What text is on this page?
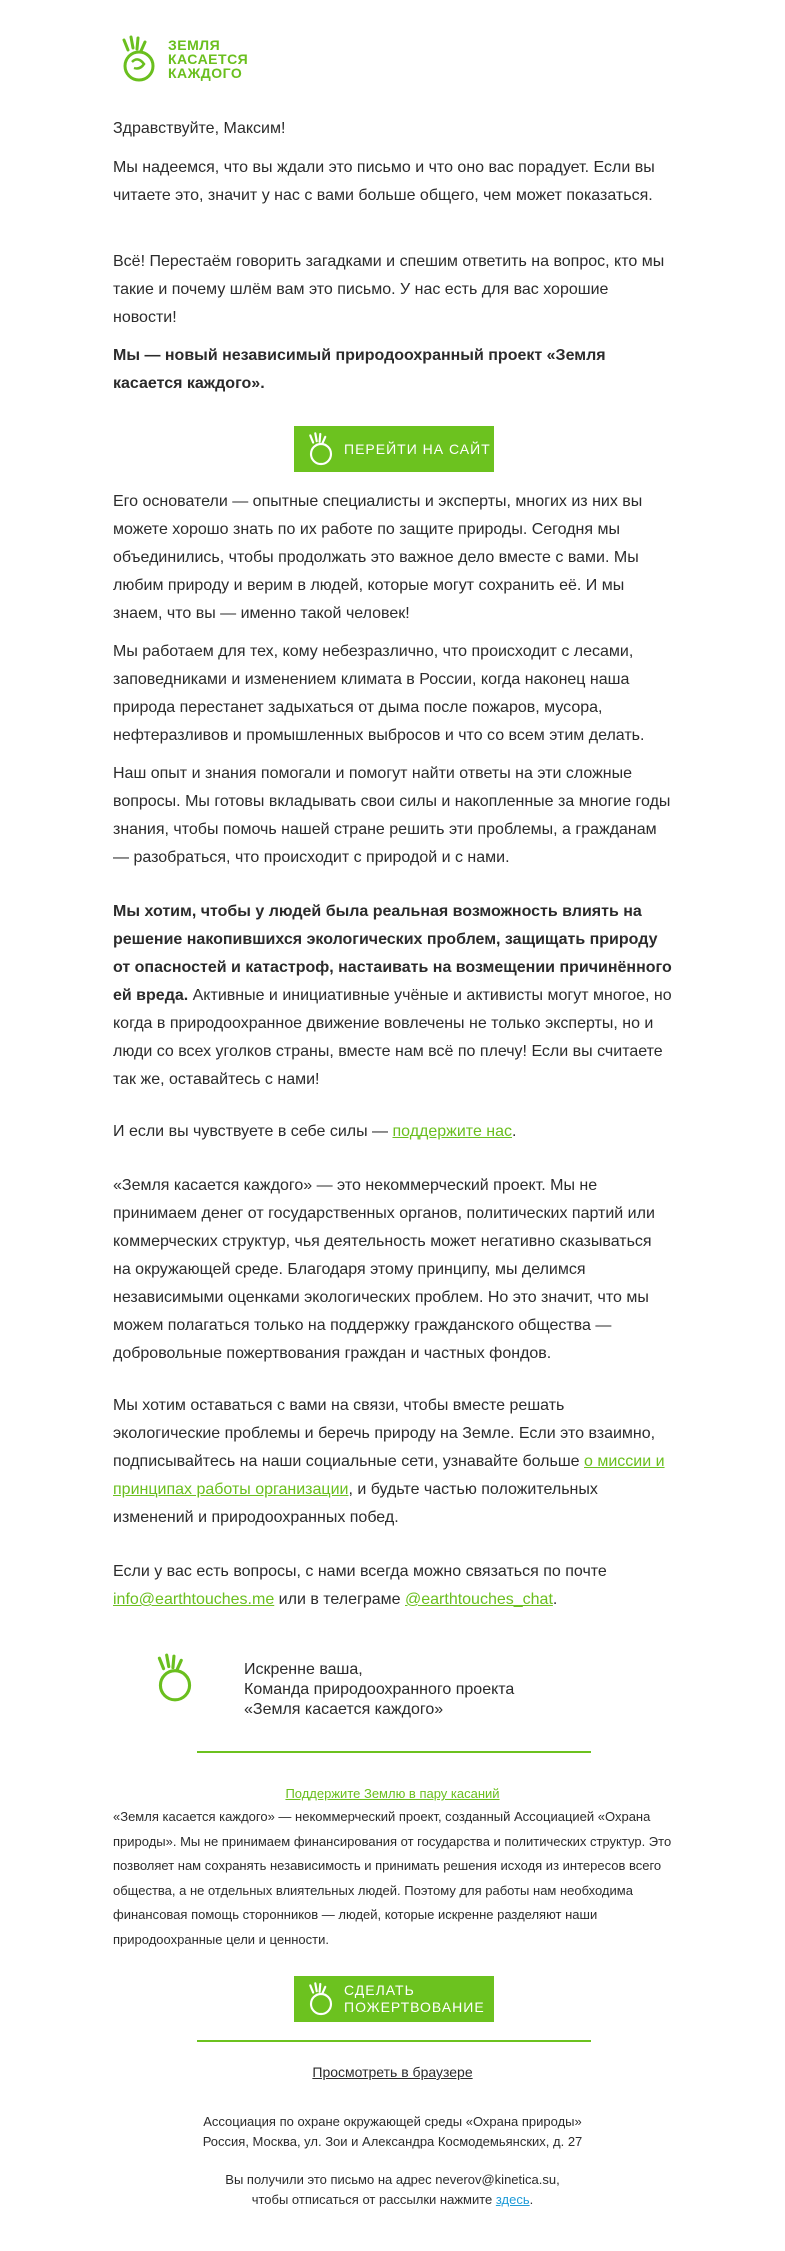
ЗЕМЛЯ
КАСАЕТСЯ
КАЖДОГО

Здравствуйте, Максим!

Мы надеемся, что вы ждали это письмо и что оно вас порадует. Если вы читаете это, значит у нас с вами больше общего, чем может показаться.

Всё! Перестаём говорить загадками и спешим ответить на вопрос, кто мы такие и почему шлём вам это письмо. У нас есть для вас хорошие новости!

Мы — новый независимый природоохранный проект «Земля касается каждого».

ПЕРЕЙТИ НА САЙТ

Его основатели — опытные специалисты и эксперты, многих из них вы можете хорошо знать по их работе по защите природы. Сегодня мы объединились, чтобы продолжать это важное дело вместе с вами. Мы любим природу и верим в людей, которые могут сохранить её. И мы знаем, что вы — именно такой человек!

Мы работаем для тех, кому небезразлично, что происходит с лесами, заповедниками и изменением климата в России, когда наконец наша природа перестанет задыхаться от дыма после пожаров, мусора, нефтеразливов и промышленных выбросов и что со всем этим делать.

Наш опыт и знания помогали и помогут найти ответы на эти сложные вопросы. Мы готовы вкладывать свои силы и накопленные за многие годы знания, чтобы помочь нашей стране решить эти проблемы, а гражданам — разобраться, что происходит с природой и с нами.

Мы хотим, чтобы у людей была реальная возможность влиять на решение накопившихся экологических проблем, защищать природу от опасностей и катастроф, настаивать на возмещении причинённого ей вреда. Активные и инициативные учёные и активисты могут многое, но когда в природоохранное движение вовлечены не только эксперты, но и люди со всех уголков страны, вместе нам всё по плечу! Если вы считаете так же, оставайтесь с нами!

И если вы чувствуете в себе силы — поддержите нас.

«Земля касается каждого» — это некоммерческий проект. Мы не принимаем денег от государственных органов, политических партий или коммерческих структур, чья деятельность может негативно сказываться на окружающей среде. Благодаря этому принципу, мы делимся независимыми оценками экологических проблем. Но это значит, что мы можем полагаться только на поддержку гражданского общества — добровольные пожертвования граждан и частных фондов.

Мы хотим оставаться с вами на связи, чтобы вместе решать экологические проблемы и беречь природу на Земле. Если это взаимно, подписывайтесь на наши социальные сети, узнавайте больше о миссии и принципах работы организации, и будьте частью положительных изменений и природоохранных побед.

Если у вас есть вопросы, с нами всегда можно связаться по почте info@earthtouches.me или в телеграме @earthtouches_chat.

Искренне ваша,
Команда природоохранного проекта
«Земля касается каждого»
Поддержите Землю в пару касаний

«Земля касается каждого» — некоммерческий проект, созданный Ассоциацией «Охрана природы». Мы не принимаем финансирования от государства и политических структур. Это позволяет нам сохранять независимость и принимать решения исходя из интересов всего общества, а не отдельных влиятельных людей. Поэтому для работы нам необходима финансовая помощь сторонников — людей, которые искренне разделяют наши природоохранные цели и ценности.

СДЕЛАТЬ
ПОЖЕРТВОВАНИЕ
Просмотреть в браузере
Ассоциация по охране окружающей среды «Охрана природы»
Россия, Москва, ул. Зои и Александра Космодемьянских, д. 27
Вы получили это письмо на адрес neverov@kinetica.su,
чтобы отписаться от рассылки нажмите здесь.
